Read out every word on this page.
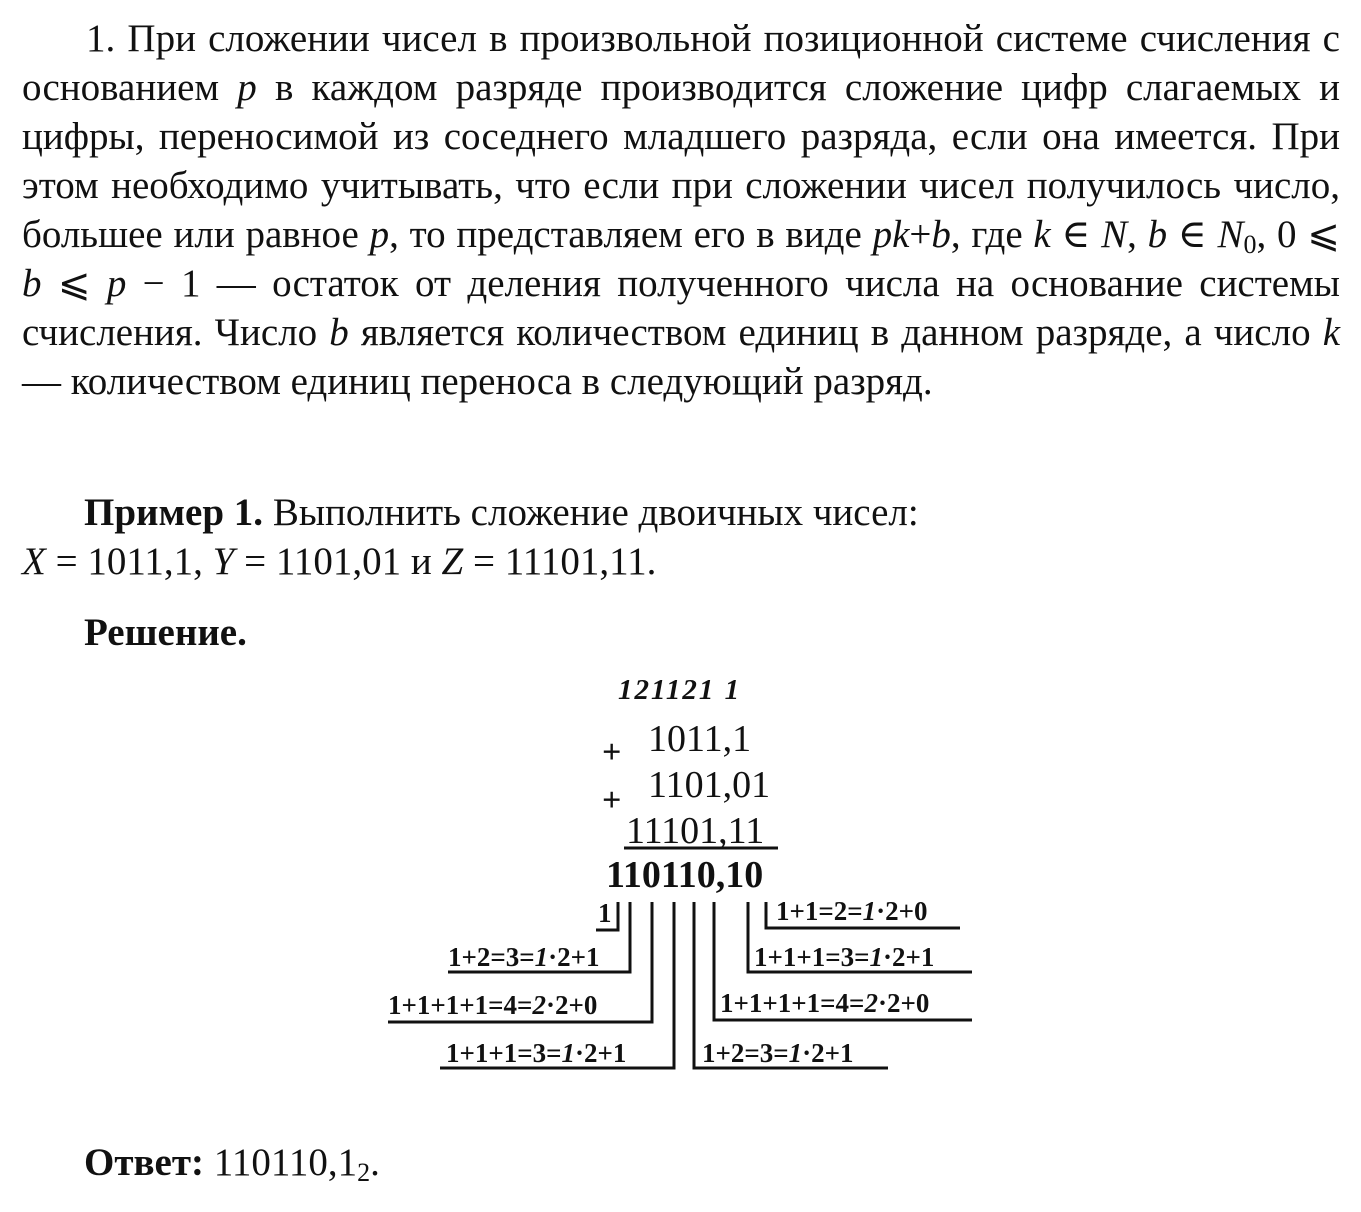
1. При сложении чисел в произвольной позиционной системе счисления с основанием p в каждом разряде производится сложение цифр слагаемых и цифры, переносимой из соседнего младшего разряда, если она имеется. При этом необходимо учитывать, что если при сложении чисел получилось число, большее или равное p, то представляем его в виде pk+b, где k ∈ N, b ∈ $N_0$, 0 ⩽ b ⩽ p − 1 — остаток от деления полученного числа на основание системы счисления. Число b является количеством единиц в данном разряде, а число k — количеством единиц переноса в следующий разряд.

Пример 1. Выполнить сложение двоичных чисел:
X = 1011,1, Y = 1101,01 и Z = 11101,11.
Решение.
121121 1
+ 1011,1
+ 1101,01
11101,11
110110,10
1
1+2=3=1·2+1
1+1+1+1=4=2·2+0
1+1+1=3=1·2+1
1+1=2=1·2+0
1+1+1=3=1·2+1
1+1+1+1=4=2·2+0
1+2=3=1·2+1
Ответ: $110110,1_2$.
